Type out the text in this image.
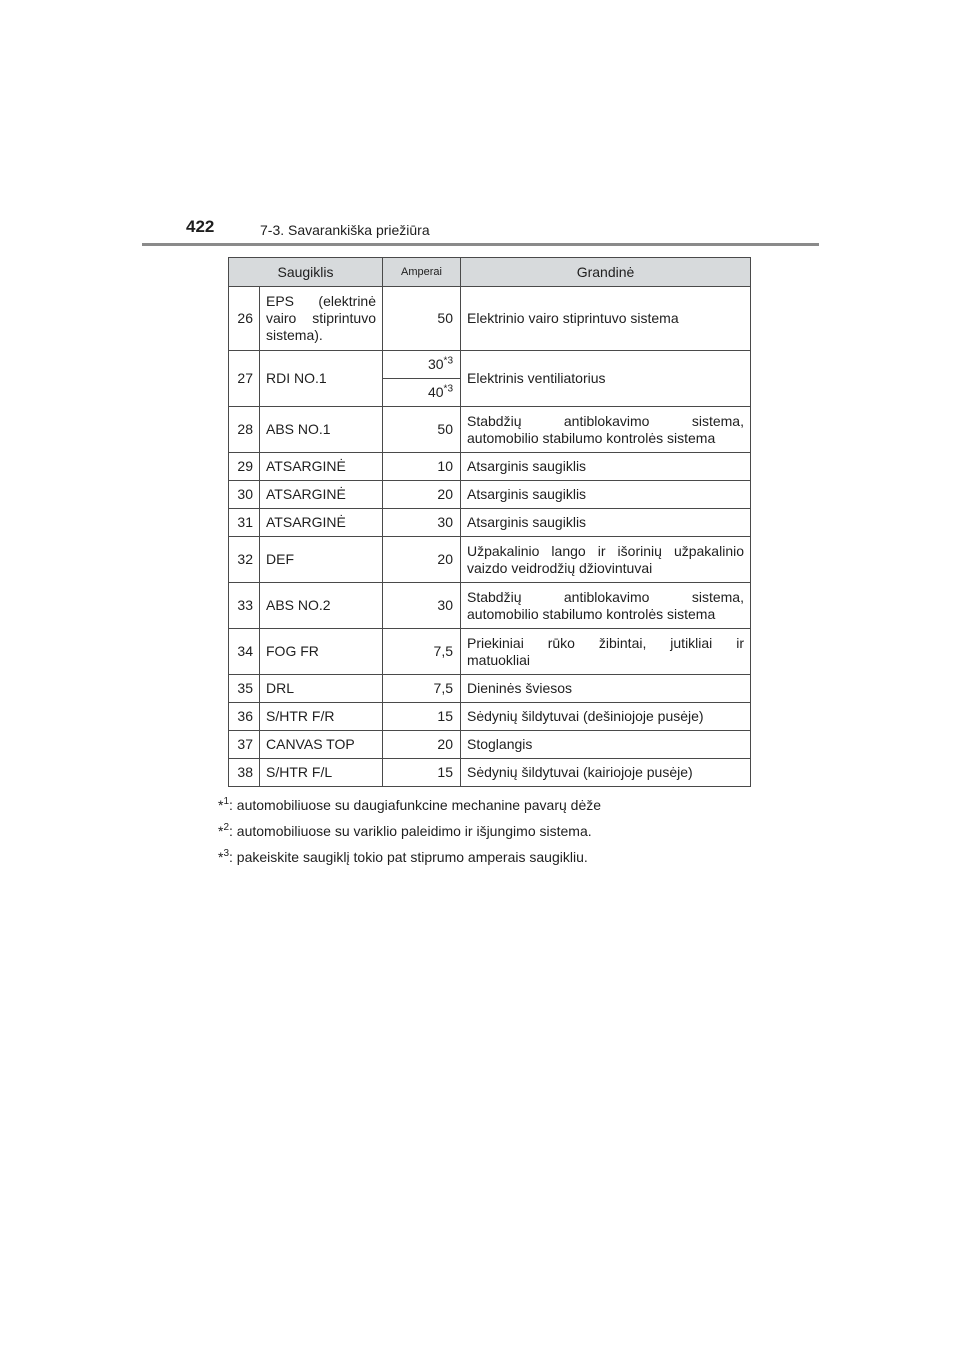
422	7-3. Savarankiška priežiūra
Saugiklis		Amperai	Grandinė
26	EPS (elektrinė
vairo stiprintuvo
sistema).	50	Elektrinio vairo stiprintuvo sistema
27	RDI NO.1	30$^{*3}$	Elektrinis ventiliatorius
		40$^{*3}$
28	ABS NO.1	50	Stabdžių antiblokavimo sistema,
automobilio stabilumo kontrolės sistema

29	ATSARGINĖ	10	Atsarginis saugiklis
30	ATSARGINĖ	20	Atsarginis saugiklis
31	ATSARGINĖ	30	Atsarginis saugiklis
32	DEF	20	Užpakalinio lango ir išorinių užpakalinio
vaizdo veidrodžių džiovintuvai

33	ABS NO.2	30	Stabdžių antiblokavimo sistema,
automobilio stabilumo kontrolės sistema

34	FOG FR	7,5	Priekiniai rūko žibintai, jutikliai ir
matuokliai

35	DRL	7,5	Dieninės šviesos
36	S/HTR F/R	15	Sėdynių šildytuvai (dešiniojoje pusėje)
37	CANVAS TOP	20	Stoglangis
38	S/HTR F/L	15	Sėdynių šildytuvai (kairiojoje pusėje)
*$^1$: automobiliuose su daugiafunkcine mechanine pavarų dėže
*$^2$: automobiliuose su variklio paleidimo ir išjungimo sistema.
*$^3$: pakeiskite saugiklį tokio pat stiprumo amperais saugikliu.
